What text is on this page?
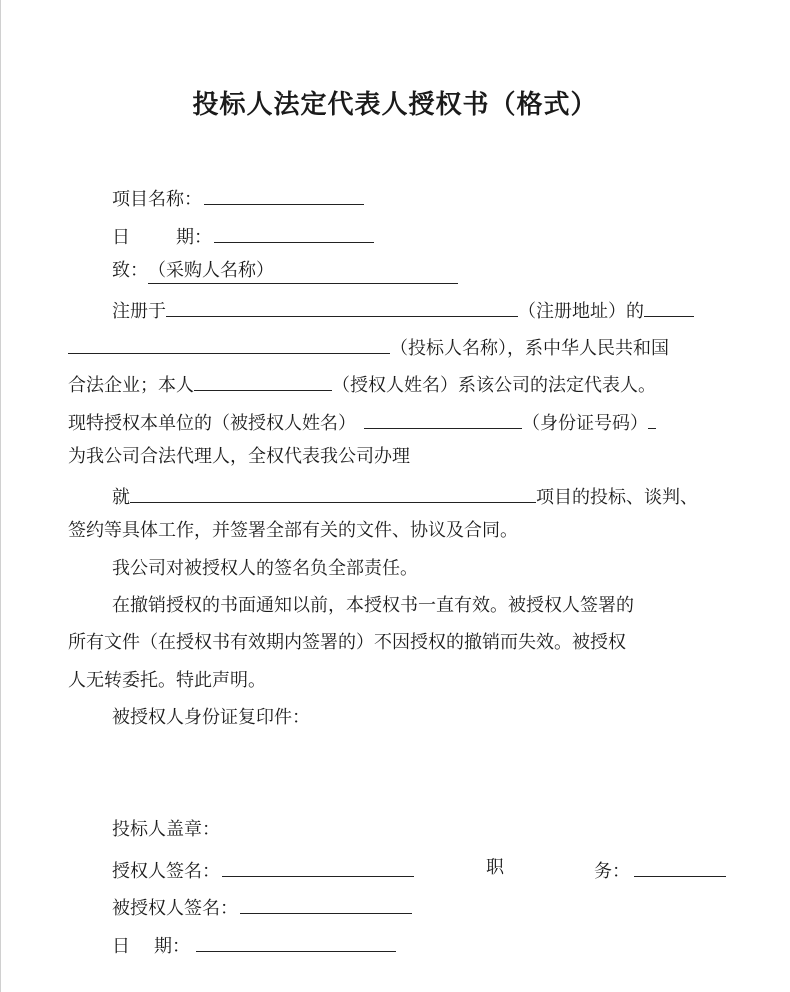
投标人法定代表人授权书（格式）
项目名称：
日	期：
致：（采购人名称）
注册于	（注册地址）的
（投标人名称），系中华人民共和国
合法企业；本人	（授权人姓名）系该公司的法定代表人。
现特授权本单位的（被授权人姓名）	（身份证号码）
为我公司合法代理人，全权代表我公司办理
就	项目的投标、谈判、
签约等具体工作，并签署全部有关的文件、协议及合同。
我公司对被授权人的签名负全部责任。
在撤销授权的书面通知以前，本授权书一直有效。被授权人签署的
所有文件（在授权书有效期内签署的）不因授权的撤销而失效。被授权
人无转委托。特此声明。
被授权人身份证复印件：
投标人盖章：
授权人签名：	职	务：
被授权人签名：
日 期：
